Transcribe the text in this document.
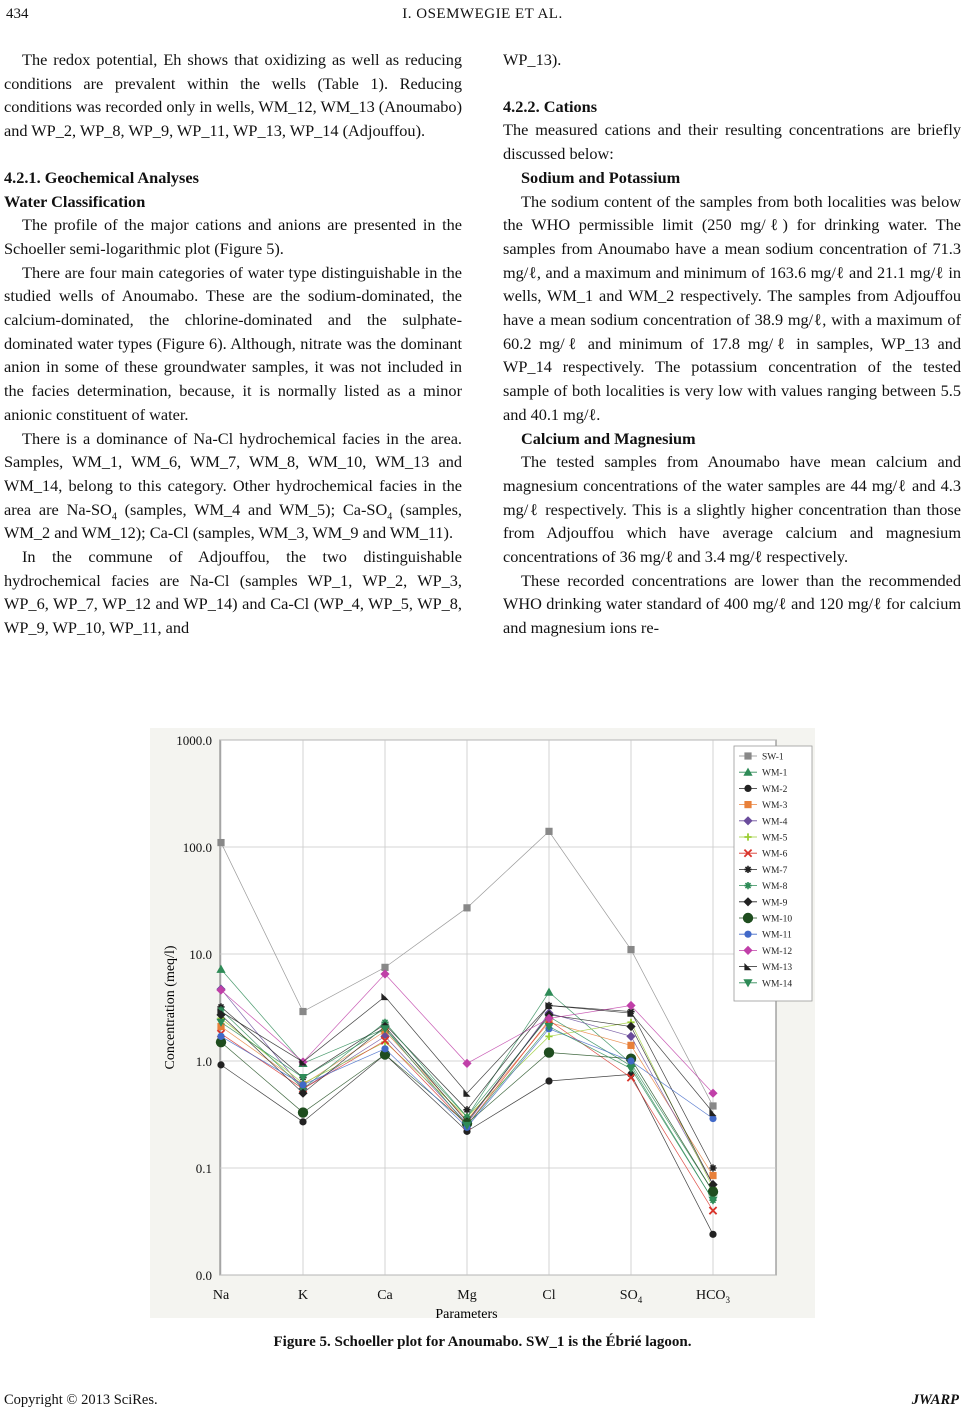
434	I. OSEMWEGIE ET AL.

The redox potential, Eh shows that oxidizing as well as reducing conditions are prevalent within the wells (Table 1). Reducing conditions was recorded only in wells, WM_12, WM_13 (Anoumabo) and WP_2, WP_8, WP_9, WP_11, WP_13, WP_14 (Adjouffou).

4.2.1. Geochemical Analyses
Water Classification

The profile of the major cations and anions are presented in the Schoeller semi-logarithmic plot (Figure 5).

There are four main categories of water type distinguishable in the studied wells of Anoumabo. These are the sodium-dominated, the calcium-dominated, the chlorine-dominated and the sulphate-dominated water types (Figure 6). Although, nitrate was the dominant anion in some of these groundwater samples, it was not included in the facies determination, because, it is normally listed as a minor anionic constituent of water.

There is a dominance of Na-Cl hydrochemical facies in the area. Samples, WM_1, WM_6, WM_7, WM_8, WM_10, WM_13 and WM_14, belong to this category. Other hydrochemical facies in the area are $Na-SO_4$ (samples, WM_4 and WM_5); $Ca-SO_4$ (samples, WM_2 and WM_12); Ca-Cl (samples, WM_3, WM_9 and WM_11).

In the commune of Adjouffou, the two distinguishable hydrochemical facies are Na-Cl (samples WP_1, WP_2, WP_3, WP_6, WP_7, WP_12 and WP_14) and Ca-Cl (WP_4, WP_5, WP_8, WP_9, WP_10, WP_11, and

WP_13).

4.2.2. Cations

The measured cations and their resulting concentrations are briefly discussed below:

Sodium and Potassium

The sodium content of the samples from both localities was below the WHO permissible limit (250 mg/ℓ) for drinking water. The samples from Anoumabo have a mean sodium concentration of 71.3 mg/ℓ, and a maximum and minimum of 163.6 mg/ℓ and 21.1 mg/ℓ in wells, WM_1 and WM_2 respectively. The samples from Adjouffou have a mean sodium concentration of 38.9 mg/ℓ, with a maximum of 60.2 mg/ℓ and minimum of 17.8 mg/ℓ in samples, WP_13 and WP_14 respectively. The potassium concentration of the tested sample of both localities is very low with values ranging between 5.5 and 40.1 mg/ℓ.

Calcium and Magnesium

The tested samples from Anoumabo have mean calcium and magnesium concentrations of the water samples are 44 mg/ℓ and 4.3 mg/ℓ respectively. This is a slightly higher concentration than those from Adjouffou which have average calcium and magnesium concentrations of 36 mg/ℓ and 3.4 mg/ℓ respectively.

These recorded concentrations are lower than the recommended WHO drinking water standard of 400 mg/ℓ and 120 mg/ℓ for calcium and magnesium ions re-

1000.0
100.0
10.0
1.0
0.1
0.0
Na	K	Ca	Mg	Cl	$SO_4$	$HCO_3$
Parameters
Concentration (meq/l)
SW-1
WM-1
WM-2
WM-3
WM-4
WM-5
WM-6
WM-7
WM-8
WM-9
WM-10
WM-11
WM-12
WM-13
WM-14
Figure 5. Schoeller plot for Anoumabo. SW_1 is the Ébrié lagoon.
Copyright © 2013 SciRes.	JWARP
